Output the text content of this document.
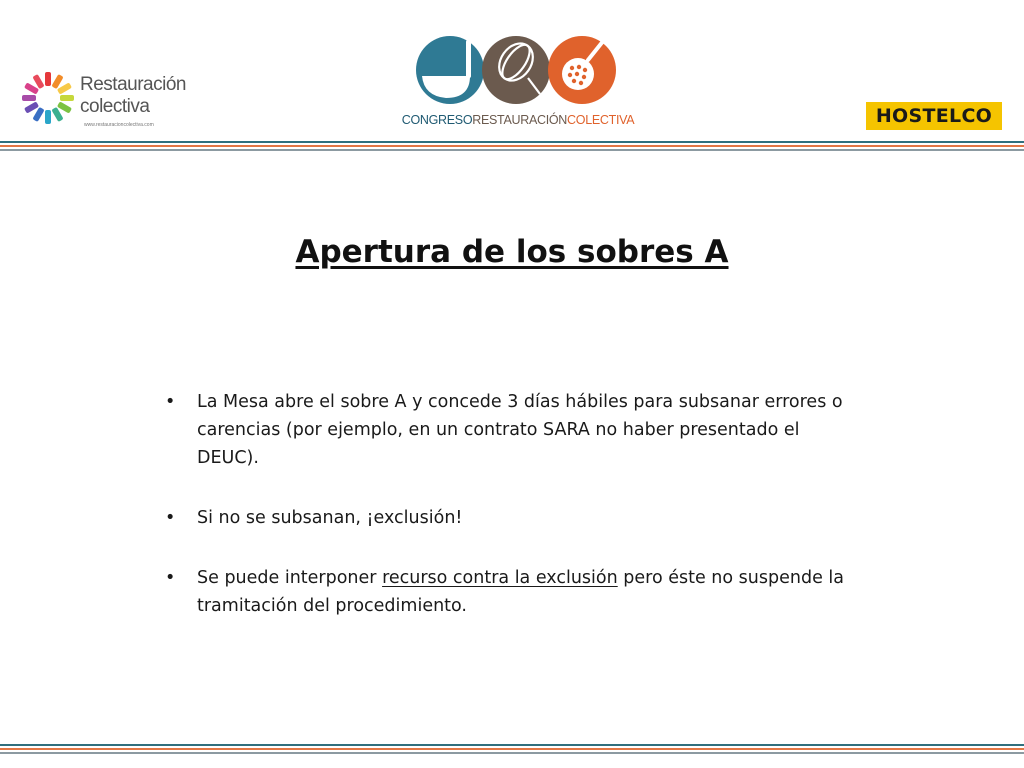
Restauración
colectiva
www.restauracioncolectiva.com	CONGRESORESTAURACIÓNCOLECTIVA	HOSTELCO
Apertura de los sobres A
• La Mesa abre el sobre A y concede 3 días hábiles para subsanar errores o carencias (por ejemplo, en un contrato SARA no haber presentado el DEUC).
• Si no se subsanan, ¡exclusión!
• Se puede interponer recurso contra la exclusión pero éste no suspende la tramitación del procedimiento.
